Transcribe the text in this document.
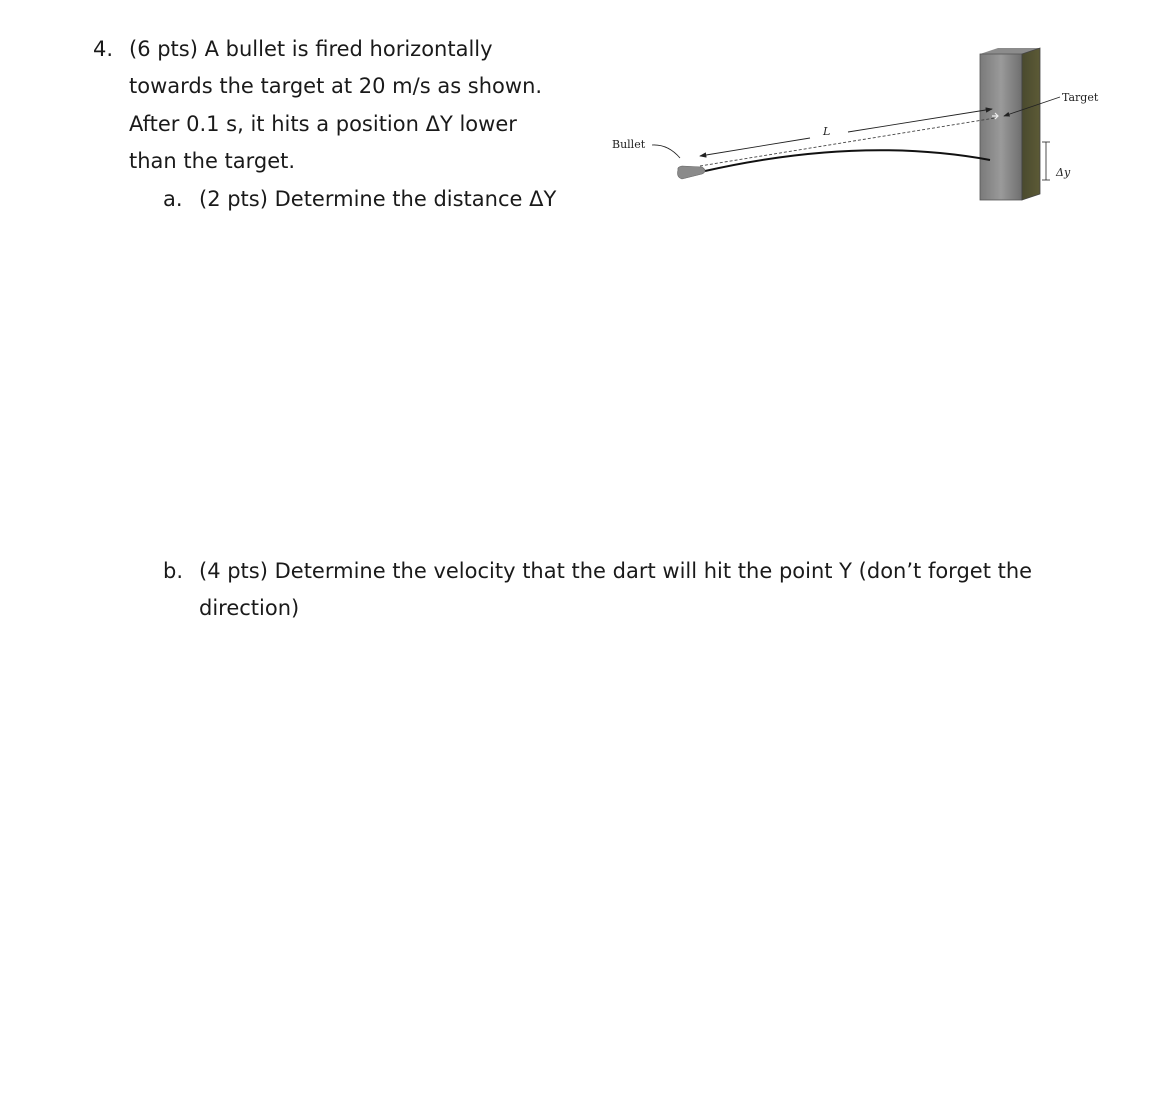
4. (6 pts) A bullet is fired horizontally
towards the target at 20 m/s as shown.
After 0.1 s, it hits a position ΔY lower
than the target.
a. (2 pts) Determine the distance ΔY
b. (4 pts) Determine the velocity that the dart will hit the point Y (don’t forget the
direction)
L
Bullet
Target
Δy
